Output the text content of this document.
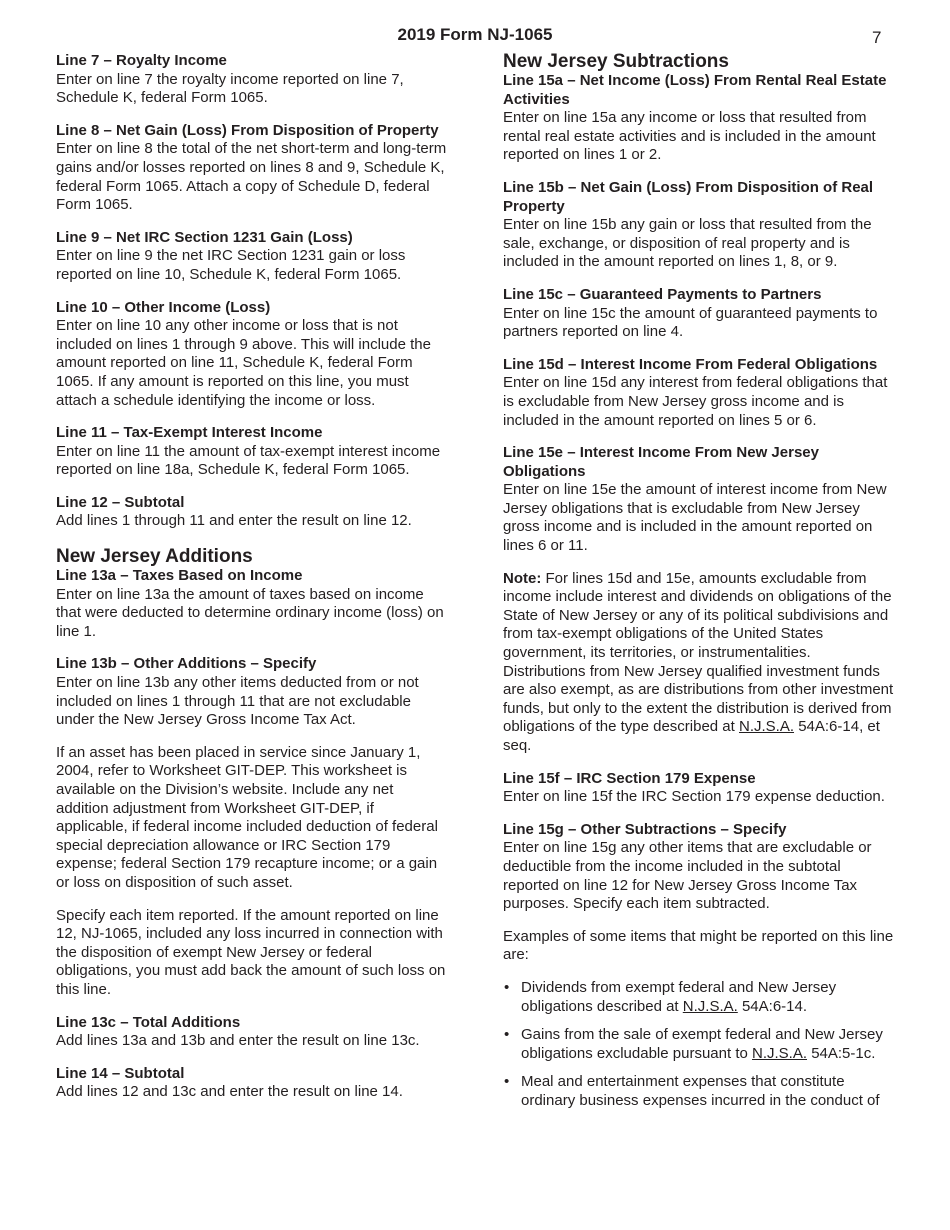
2019 Form NJ-1065	7
Line 7 – Royalty Income
Enter on line 7 the royalty income reported on line 7, Schedule K, federal Form 1065.
Line 8 – Net Gain (Loss) From Disposition of Property
Enter on line 8 the total of the net short-term and long-term gains and/or losses reported on lines 8 and 9, Schedule K, federal Form 1065. Attach a copy of Schedule D, federal Form 1065.
Line 9 – Net IRC Section 1231 Gain (Loss)
Enter on line 9 the net IRC Section 1231 gain or loss reported on line 10, Schedule K, federal Form 1065.
Line 10 – Other Income (Loss)
Enter on line 10 any other income or loss that is not included on lines 1 through 9 above. This will include the amount reported on line 11, Schedule K, federal Form 1065. If any amount is reported on this line, you must attach a schedule identifying the income or loss.
Line 11 – Tax-Exempt Interest Income
Enter on line 11 the amount of tax-exempt interest income reported on line 18a, Schedule K, federal Form 1065.
Line 12 – Subtotal
Add lines 1 through 11 and enter the result on line 12.
New Jersey Additions
Line 13a – Taxes Based on Income
Enter on line 13a the amount of taxes based on income that were deducted to determine ordinary income (loss) on line 1.
Line 13b – Other Additions – Specify
Enter on line 13b any other items deducted from or not included on lines 1 through 11 that are not excludable under the New Jersey Gross Income Tax Act.
If an asset has been placed in service since January 1, 2004, refer to Worksheet GIT-DEP. This worksheet is available on the Division’s website. Include any net addition adjustment from Worksheet GIT-DEP, if applicable, if federal income included deduction of federal special depreciation allowance or IRC Section 179 expense; federal Section 179 recapture income; or a gain or loss on disposition of such asset.
Specify each item reported. If the amount reported on line 12, NJ-1065, included any loss incurred in connection with the disposition of exempt New Jersey or federal obligations, you must add back the amount of such loss on this line.
Line 13c – Total Additions
Add lines 13a and 13b and enter the result on line 13c.
Line 14 – Subtotal
Add lines 12 and 13c and enter the result on line 14.
New Jersey Subtractions
Line 15a – Net Income (Loss) From Rental Real Estate Activities
Enter on line 15a any income or loss that resulted from rental real estate activities and is included in the amount reported on lines 1 or 2.
Line 15b – Net Gain (Loss) From Disposition of Real Property
Enter on line 15b any gain or loss that resulted from the sale, exchange, or disposition of real property and is included in the amount reported on lines 1, 8, or 9.
Line 15c – Guaranteed Payments to Partners
Enter on line 15c the amount of guaranteed payments to partners reported on line 4.
Line 15d – Interest Income From Federal Obligations
Enter on line 15d any interest from federal obligations that is excludable from New Jersey gross income and is included in the amount reported on lines 5 or 6.
Line 15e – Interest Income From New Jersey Obligations
Enter on line 15e the amount of interest income from New Jersey obligations that is excludable from New Jersey gross income and is included in the amount reported on lines 6 or 11.
Note: For lines 15d and 15e, amounts excludable from income include interest and dividends on obligations of the State of New Jersey or any of its political subdivisions and from tax-exempt obligations of the United States government, its territories, or instrumentalities. Distributions from New Jersey qualified investment funds are also exempt, as are distributions from other investment funds, but only to the extent the distribution is derived from obligations of the type described at N.J.S.A. 54A:6-14, et seq.
Line 15f – IRC Section 179 Expense
Enter on line 15f the IRC Section 179 expense deduction.
Line 15g – Other Subtractions – Specify
Enter on line 15g any other items that are excludable or deductible from the income included in the subtotal reported on line 12 for New Jersey Gross Income Tax purposes. Specify each item subtracted.
Examples of some items that might be reported on this line are:
• Dividends from exempt federal and New Jersey obligations described at N.J.S.A. 54A:6-14.
• Gains from the sale of exempt federal and New Jersey obligations excludable pursuant to N.J.S.A. 54A:5-1c.
• Meal and entertainment expenses that constitute ordinary business expenses incurred in the conduct of
